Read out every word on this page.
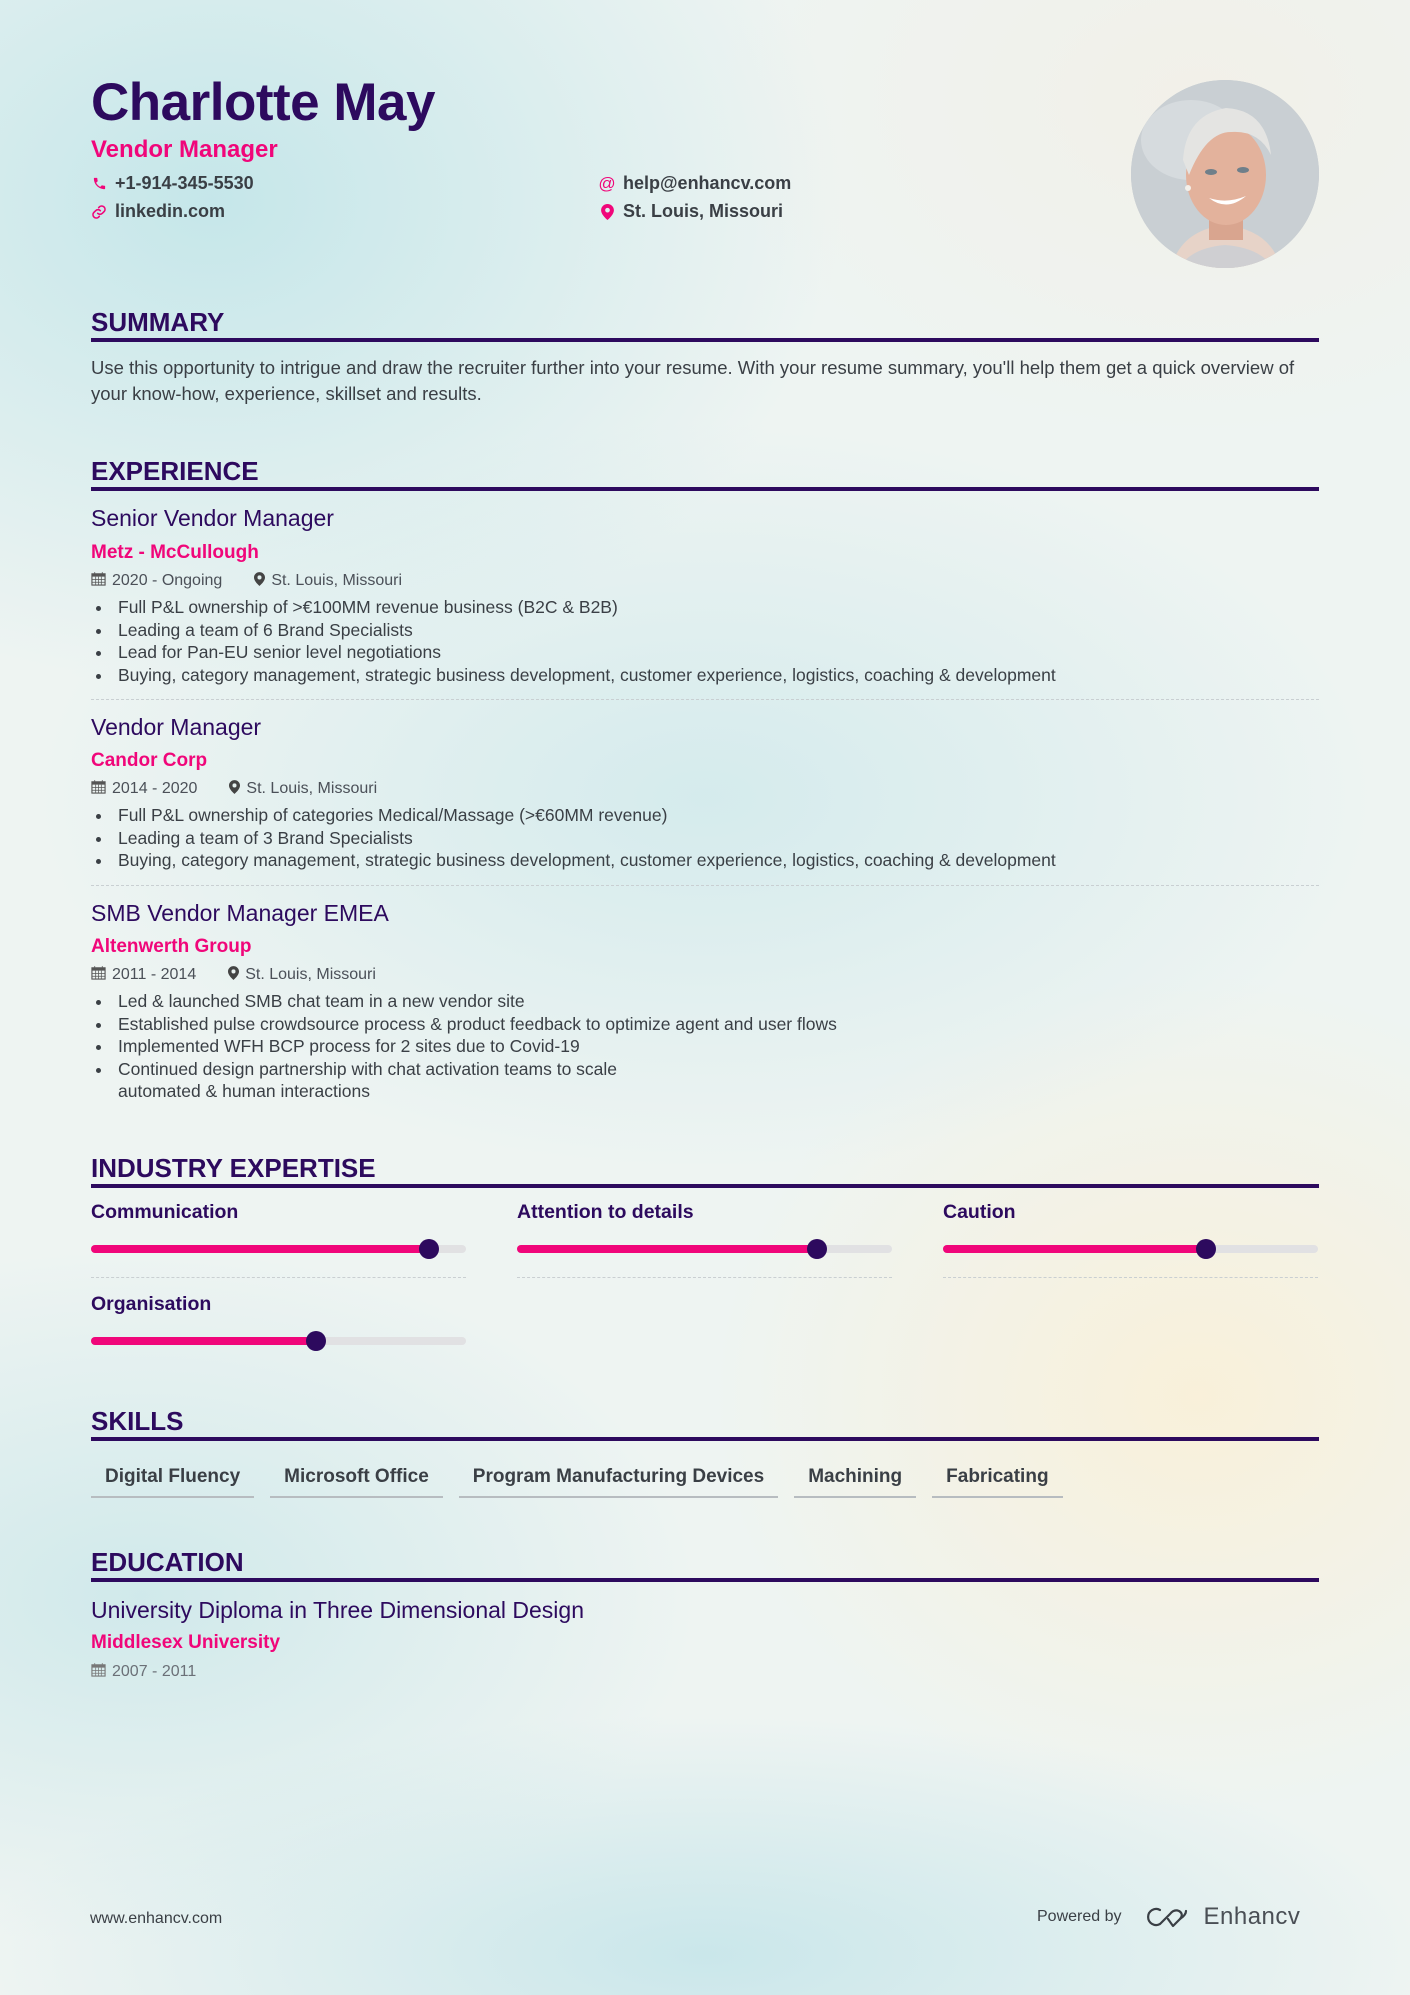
Charlotte May
Vendor Manager
+1-914-345-5530
linkedin.com
@ help@enhancv.com
St. Louis, Missouri
SUMMARY
Use this opportunity to intrigue and draw the recruiter further into your resume. With your resume summary, you'll help them get a quick overview of your know-how, experience, skillset and results.
EXPERIENCE
Senior Vendor Manager
Metz - McCullough
2020 - Ongoing	St. Louis, Missouri
Full P&L ownership of >€100MM revenue business (B2C & B2B)
Leading a team of 6 Brand Specialists
Lead for Pan-EU senior level negotiations
Buying, category management, strategic business development, customer experience, logistics, coaching & development
Vendor Manager
Candor Corp
2014 - 2020	St. Louis, Missouri
Full P&L ownership of categories Medical/Massage (>€60MM revenue)
Leading a team of 3 Brand Specialists
Buying, category management, strategic business development, customer experience, logistics, coaching & development
SMB Vendor Manager EMEA
Altenwerth Group
2011 - 2014	St. Louis, Missouri
Led & launched SMB chat team in a new vendor site
Established pulse crowdsource process & product feedback to optimize agent and user flows
Implemented WFH BCP process for 2 sites due to Covid-19
Continued design partnership with chat activation teams to scale automated & human interactions
INDUSTRY EXPERTISE
Communication	Attention to details	Caution
Organisation
SKILLS
Digital Fluency	Microsoft Office	Program Manufacturing Devices	Machining	Fabricating
EDUCATION
University Diploma in Three Dimensional Design
Middlesex University
2007 - 2011
www.enhancv.com	Powered by	Enhancv
